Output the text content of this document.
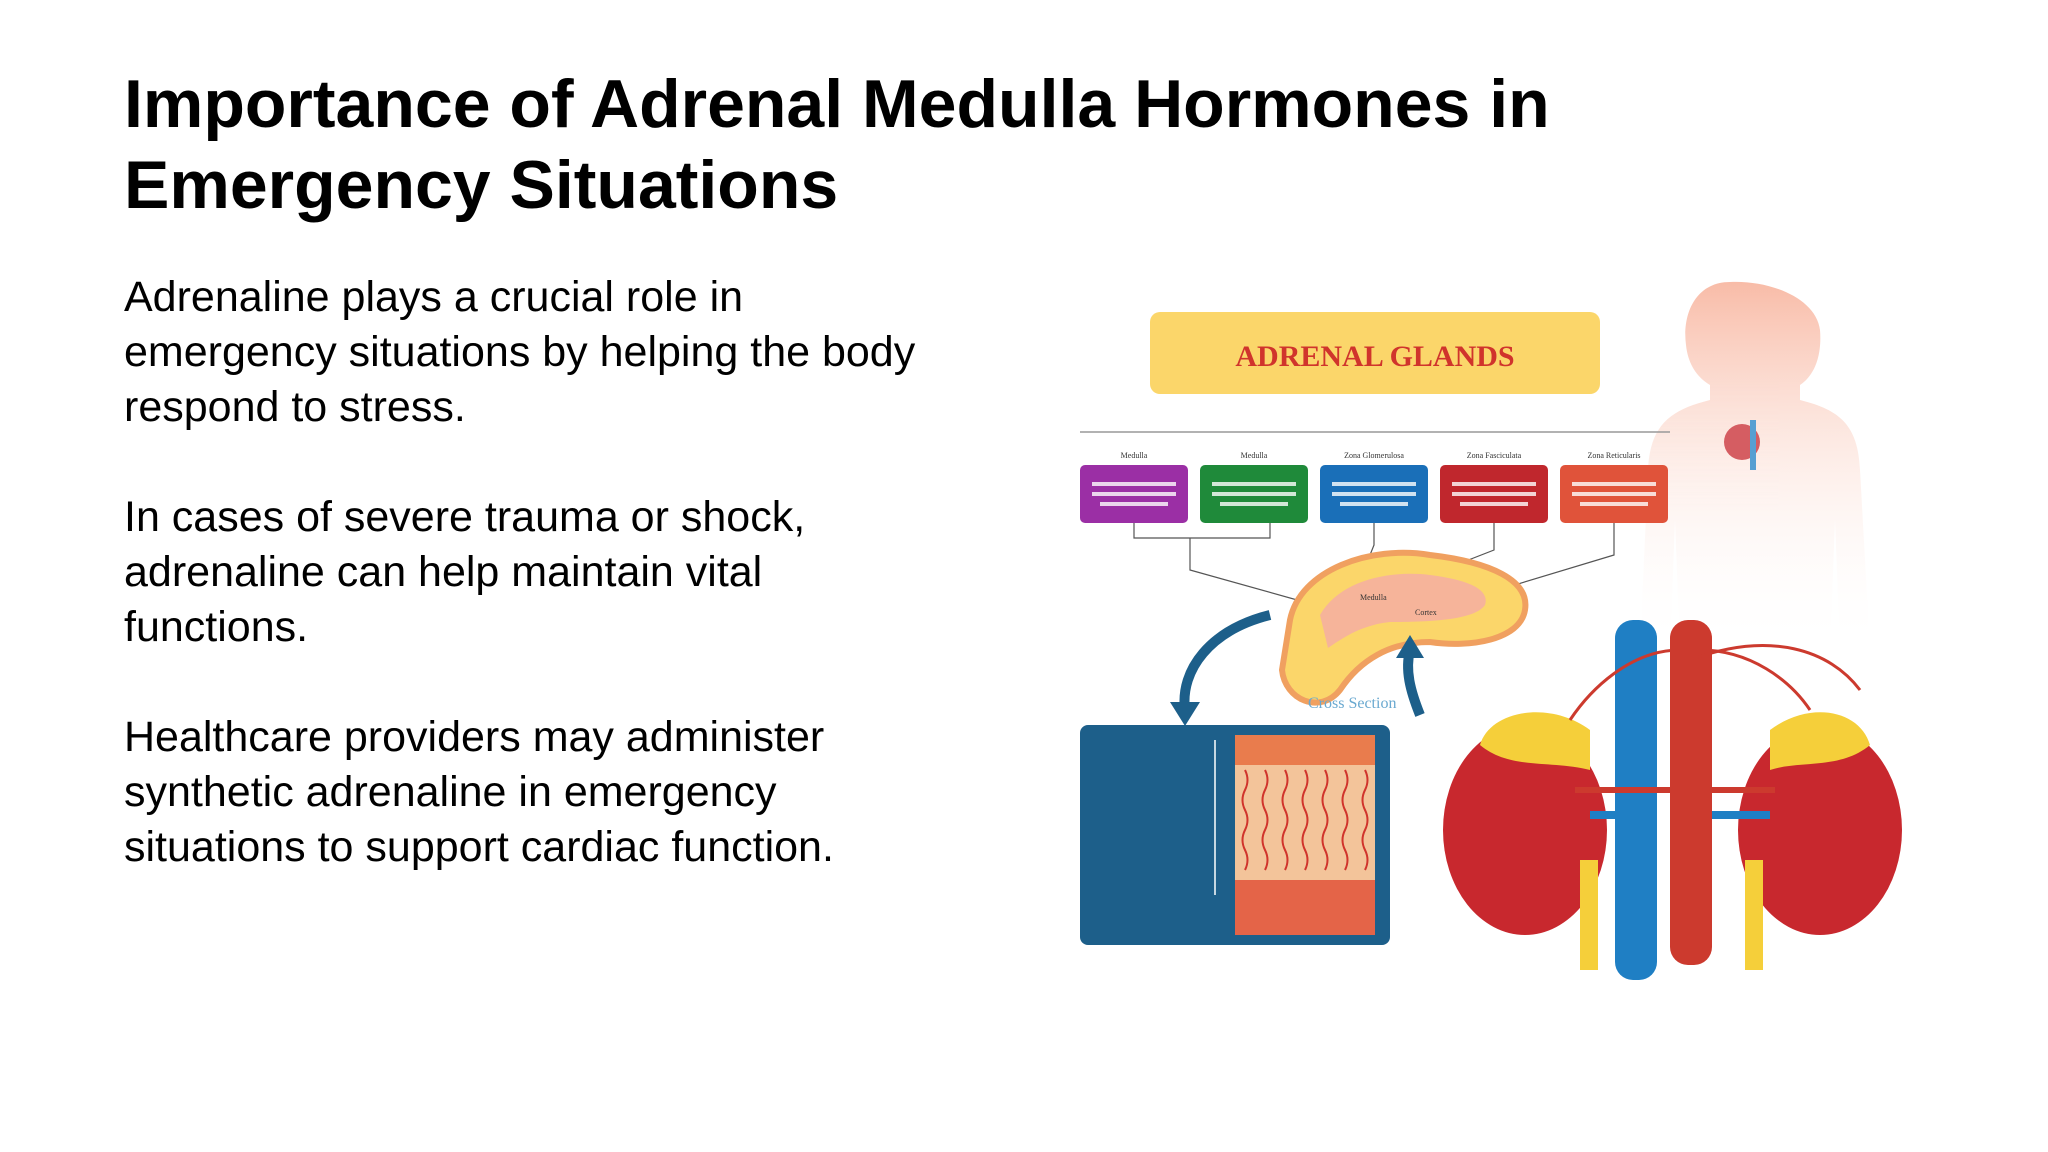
Importance of Adrenal Medulla Hormones in
Emergency Situations

Adrenaline plays a crucial role in
emergency situations by helping the body
respond to stress.

In cases of severe trauma or shock,
adrenaline can help maintain vital
functions.

Healthcare providers may administer
synthetic adrenaline in emergency
situations to support cardiac function.

ADRENAL GLANDS
Medulla	Medulla	Zona Glomerulosa	Zona Fasciculata	Zona Reticularis
Medulla
Cortex
Cross Section
